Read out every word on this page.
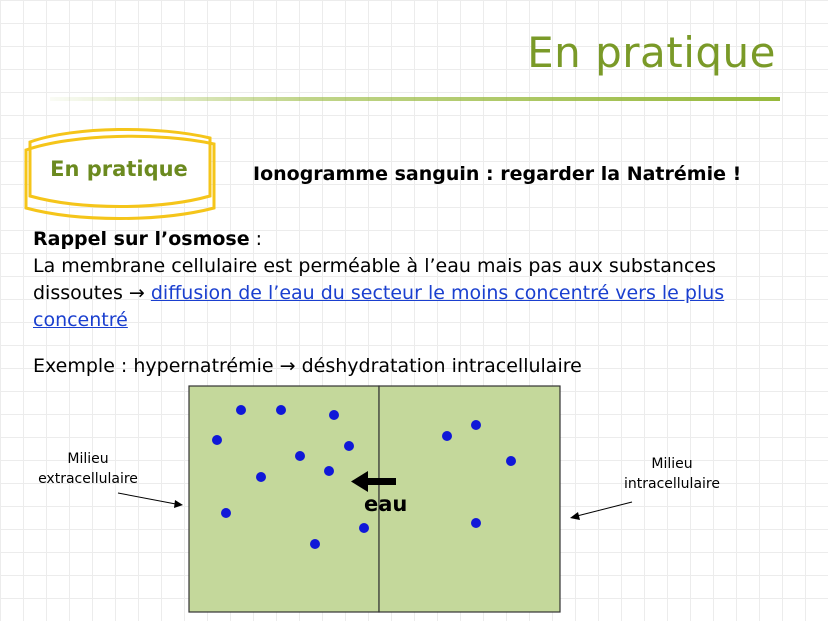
En pratique
En pratique	Ionogramme sanguin : regarder la Natrémie !
Rappel sur l’osmose :
La membrane cellulaire est perméable à l’eau mais pas aux substances
dissoutes → diffusion de l’eau du secteur le moins concentré vers le plus concentré
Exemple : hypernatrémie → déshydratation intracellulaire
Milieu
extracellulaire
Milieu
intracellulaire
eau
